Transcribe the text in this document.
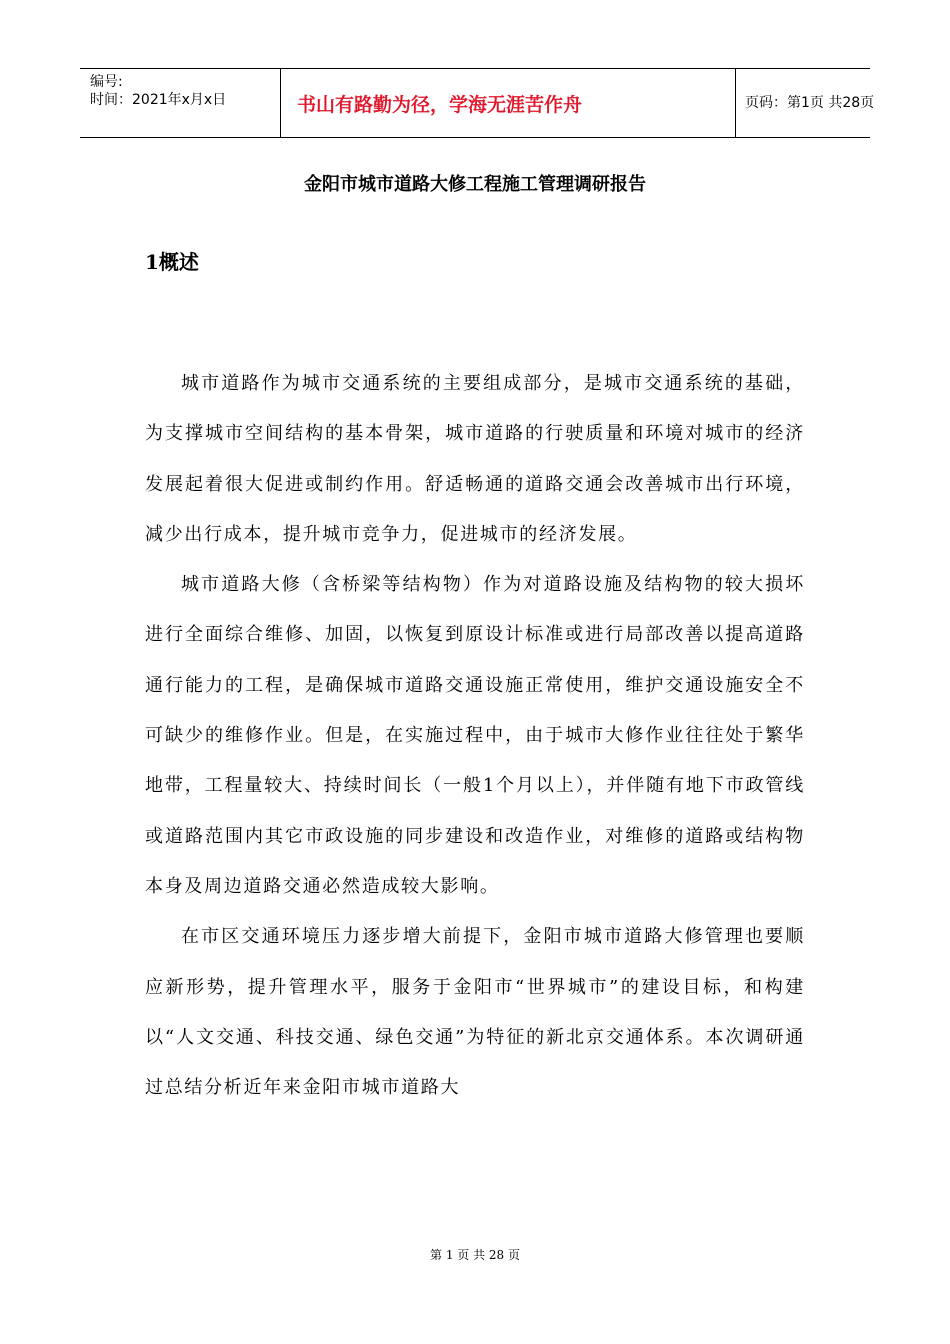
编号:
时间：2021年x月x日	书山有路勤为径，学海无涯苦作舟	页码：第1页 共28页
金阳市城市道路大修工程施工管理调研报告
1概述

城市道路作为城市交通系统的主要组成部分，是城市交通系统的基础，为支撑城市空间结构的基本骨架，城市道路的行驶质量和环境对城市的经济发展起着很大促进或制约作用。舒适畅通的道路交通会改善城市出行环境，减少出行成本，提升城市竞争力，促进城市的经济发展。

城市道路大修（含桥梁等结构物）作为对道路设施及结构物的较大损坏进行全面综合维修、加固，以恢复到原设计标准或进行局部改善以提高道路通行能力的工程，是确保城市道路交通设施正常使用，维护交通设施安全不可缺少的维修作业。但是，在实施过程中，由于城市大修作业往往处于繁华地带，工程量较大、持续时间长（一般1个月以上），并伴随有地下市政管线或道路范围内其它市政设施的同步建设和改造作业，对维修的道路或结构物本身及周边道路交通必然造成较大影响。

在市区交通环境压力逐步增大前提下，金阳市城市道路大修管理也要顺应新形势，提升管理水平，服务于金阳市“世界城市”的建设目标，和构建以“人文交通、科技交通、绿色交通”为特征的新北京交通体系。本次调研通过总结分析近年来金阳市城市道路大

第 1 页 共 28 页
